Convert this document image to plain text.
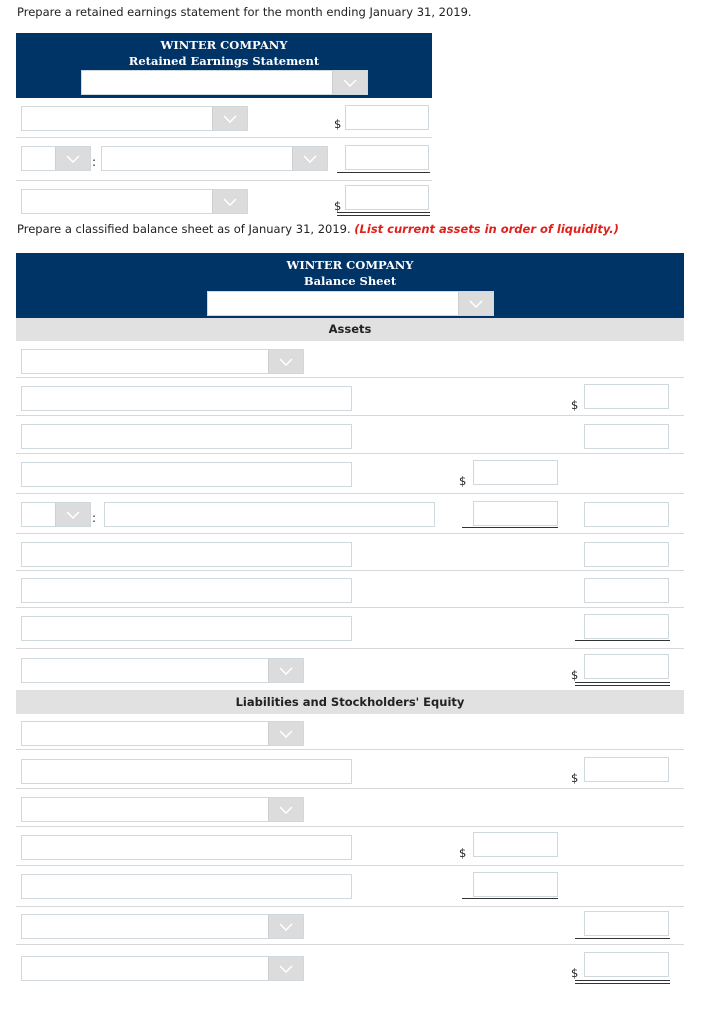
Prepare a retained earnings statement for the month ending January 31, 2019.
WINTER COMPANY
Retained Earnings Statement
$
:
$
Prepare a classified balance sheet as of January 31, 2019. (List current assets in order of liquidity.)
WINTER COMPANY
Balance Sheet
Assets
$
$
:
$
Liabilities and Stockholders' Equity
$
$
$
